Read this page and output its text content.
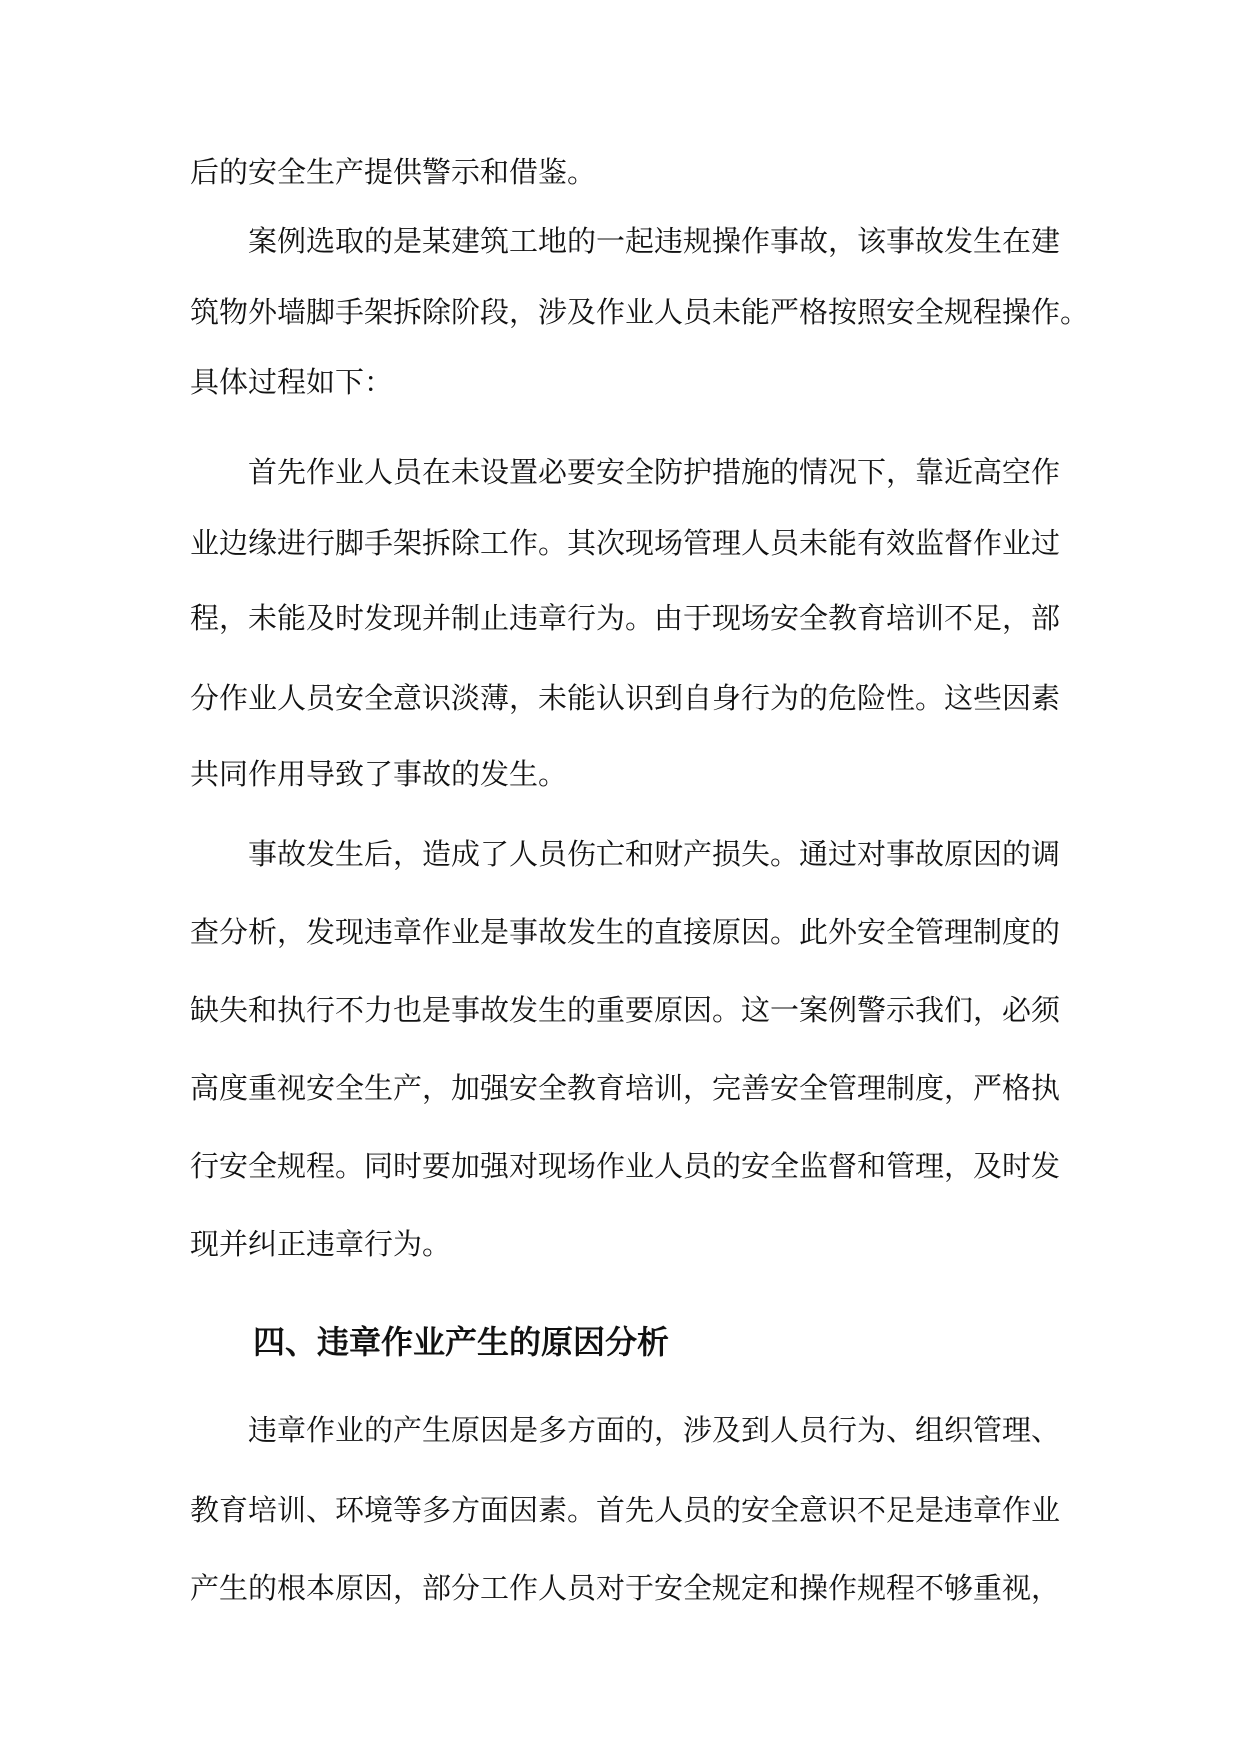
后的安全生产提供警示和借鉴。
　　案例选取的是某建筑工地的一起违规操作事故，该事故发生在建
筑物外墙脚手架拆除阶段，涉及作业人员未能严格按照安全规程操作。
具体过程如下：
　　首先作业人员在未设置必要安全防护措施的情况下，靠近高空作
业边缘进行脚手架拆除工作。其次现场管理人员未能有效监督作业过
程，未能及时发现并制止违章行为。由于现场安全教育培训不足，部
分作业人员安全意识淡薄，未能认识到自身行为的危险性。这些因素
共同作用导致了事故的发生。
　　事故发生后，造成了人员伤亡和财产损失。通过对事故原因的调
查分析，发现违章作业是事故发生的直接原因。此外安全管理制度的
缺失和执行不力也是事故发生的重要原因。这一案例警示我们，必须
高度重视安全生产，加强安全教育培训，完善安全管理制度，严格执
行安全规程。同时要加强对现场作业人员的安全监督和管理，及时发
现并纠正违章行为。
四、违章作业产生的原因分析
　　违章作业的产生原因是多方面的，涉及到人员行为、组织管理、
教育培训、环境等多方面因素。首先人员的安全意识不足是违章作业
产生的根本原因，部分工作人员对于安全规定和操作规程不够重视，
